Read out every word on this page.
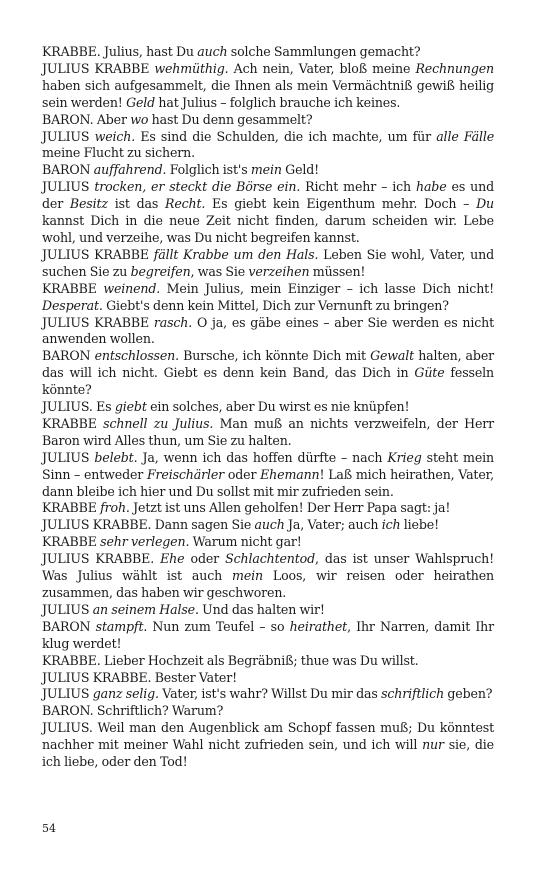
KRABBE. Julius, hast Du auch solche Sammlungen gemacht?

JULIUS KRABBE wehmüthig. Ach nein, Vater, bloß meine Rechnungen haben sich aufgesammelt, die Ihnen als mein Vermächtniß gewiß heilig sein werden! Geld hat Julius – folglich brauche ich keines.

BARON. Aber wo hast Du denn gesammelt?

JULIUS weich. Es sind die Schulden, die ich machte, um für alle Fälle meine Flucht zu sichern.

BARON auffahrend. Folglich ist's mein Geld!

JULIUS trocken, er steckt die Börse ein. Richt mehr – ich habe es und der Besitz ist das Recht. Es giebt kein Eigenthum mehr. Doch – Du kannst Dich in die neue Zeit nicht finden, darum scheiden wir. Lebe wohl, und verzeihe, was Du nicht begreifen kannst.

JULIUS KRABBE fällt Krabbe um den Hals. Leben Sie wohl, Vater, und suchen Sie zu begreifen, was Sie verzeihen müssen!

KRABBE weinend. Mein Julius, mein Einziger – ich lasse Dich nicht! Desperat. Giebt's denn kein Mittel, Dich zur Vernunft zu bringen?

JULIUS KRABBE rasch. O ja, es gäbe eines – aber Sie werden es nicht anwenden wollen.

BARON entschlossen. Bursche, ich könnte Dich mit Gewalt halten, aber das will ich nicht. Giebt es denn kein Band, das Dich in Güte fesseln könnte?

JULIUS. Es giebt ein solches, aber Du wirst es nie knüpfen!

KRABBE schnell zu Julius. Man muß an nichts verzweifeln, der Herr Baron wird Alles thun, um Sie zu halten.

JULIUS belebt. Ja, wenn ich das hoffen dürfte – nach Krieg steht mein Sinn – entweder Freischärler oder Ehemann! Laß mich heirathen, Vater, dann bleibe ich hier und Du sollst mit mir zufrieden sein.

KRABBE froh. Jetzt ist uns Allen geholfen! Der Herr Papa sagt: ja!

JULIUS KRABBE. Dann sagen Sie auch Ja, Vater; auch ich liebe!

KRABBE sehr verlegen. Warum nicht gar!

JULIUS KRABBE. Ehe oder Schlachtentod, das ist unser Wahlspruch! Was Julius wählt ist auch mein Loos, wir reisen oder heirathen zusammen, das haben wir geschworen.

JULIUS an seinem Halse. Und das halten wir!

BARON stampft. Nun zum Teufel – so heirathet, Ihr Narren, damit Ihr klug werdet!

KRABBE. Lieber Hochzeit als Begräbniß; thue was Du willst.

JULIUS KRABBE. Bester Vater!

JULIUS ganz selig. Vater, ist's wahr? Willst Du mir das schriftlich geben?

BARON. Schriftlich? Warum?

JULIUS. Weil man den Augenblick am Schopf fassen muß; Du könntest nachher mit meiner Wahl nicht zufrieden sein, und ich will nur sie, die ich liebe, oder den Tod!

54
